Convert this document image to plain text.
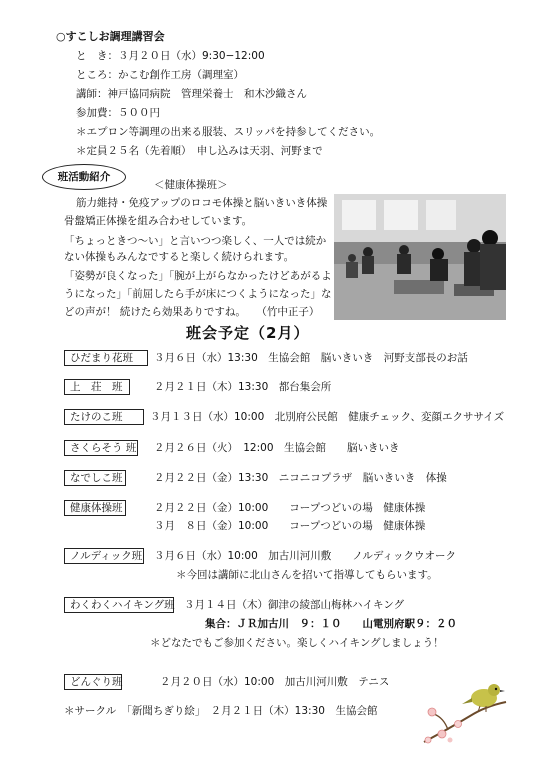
○すこしお調理講習会
と　き：３月２０日（水）9:30−12:00
ところ：かこむ創作工房（調理室）
講師：神戸協同病院　管理栄養士　和木沙織さん
参加費：５００円
＊エプロン等調理の出来る服装、スリッパを持参してください。
＊定員２５名（先着順）　申し込みは天羽、河野まで
班活動紹介
＜健康体操班＞
筋力維持・免疫アップのロコモ体操と脳いきいき体操
骨盤矯正体操を組み合わせしています。
「ちょっときつ〜い」と言いつつ楽しく、一人では続か
ない体操もみんなですると楽しく続けられます。
「姿勢が良くなった」「腕が上がらなかったけどあがるよ
うになった」「前屈したら手が床につくようになった」な
どの声が！ 続けたら効果ありですね。　　（竹中正子）
班会予定（2月）
ひだまり花班 ３月６日（水）13:30　生協会館　脳いきいき　河野支部長のお話
上　荘　班	２月２１日（木）13:30　都台集会所
たけのこ班	３月１３日（水）10:00　北別府公民館　健康チェック、変顔エクササイズ
さくらそう 班 ２月２６日（火）　12:00　生協会館　　脳いきいき
なでしこ班	２月２２日（金）13:30　ニコニコプラザ　脳いきいき　体操
健康体操班	２月２２日（金）10:00　　コープつどいの場　健康体操
３月　８日（金）10:00　　コープつどいの場　健康体操
ノルディック班 ３月６日（水）10:00　加古川河川敷　　ノルディックウオーク
＊今回は講師に北山さんを招いて指導してもらいます。
わくわくハイキング班 ３月１４日（木）御津の綾部山梅林ハイキング
集合：ＪＲ加古川　９：１０　　山電別府駅９：２０
＊どなたでもご参加ください。楽しくハイキングしましょう！
どんぐり班	２月２０日（水）10:00　加古川河川敷　テニス
＊サークル　「新聞ちぎり絵」　２月２１日（木）13:30　生協会館
